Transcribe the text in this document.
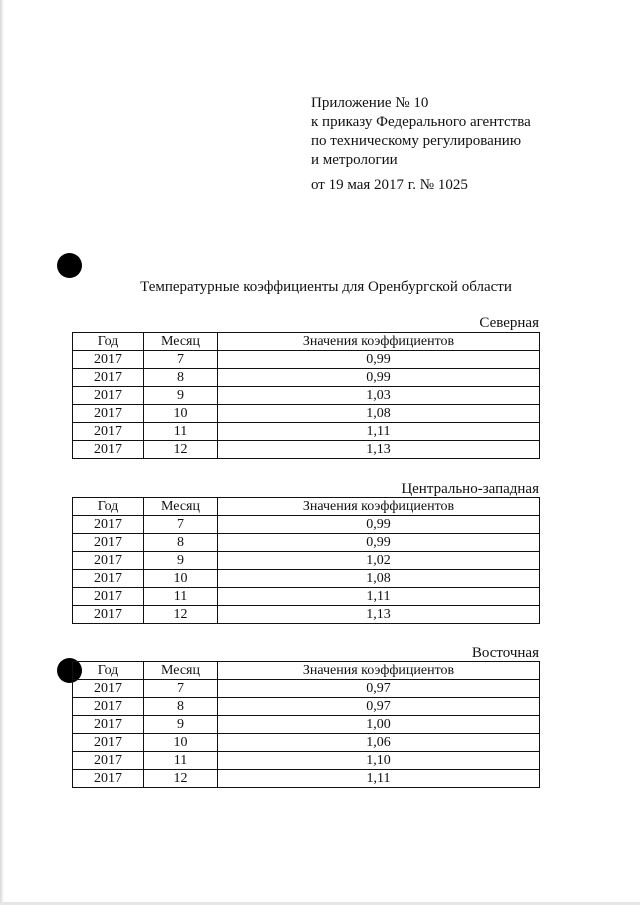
Приложение № 10
к приказу Федерального агентства
по техническому регулированию
и метрологии
от 19 мая 2017 г. № 1025
Температурные коэффициенты для Оренбургской области
Северная
Год	Месяц	Значения коэффициентов
2017	7	0,99
2017	8	0,99
2017	9	1,03
2017	10	1,08
2017	11	1,11
2017	12	1,13
Центрально-западная
Год	Месяц	Значения коэффициентов
2017	7	0,99
2017	8	0,99
2017	9	1,02
2017	10	1,08
2017	11	1,11
2017	12	1,13
Восточная
Год	Месяц	Значения коэффициентов
2017	7	0,97
2017	8	0,97
2017	9	1,00
2017	10	1,06
2017	11	1,10
2017	12	1,11
